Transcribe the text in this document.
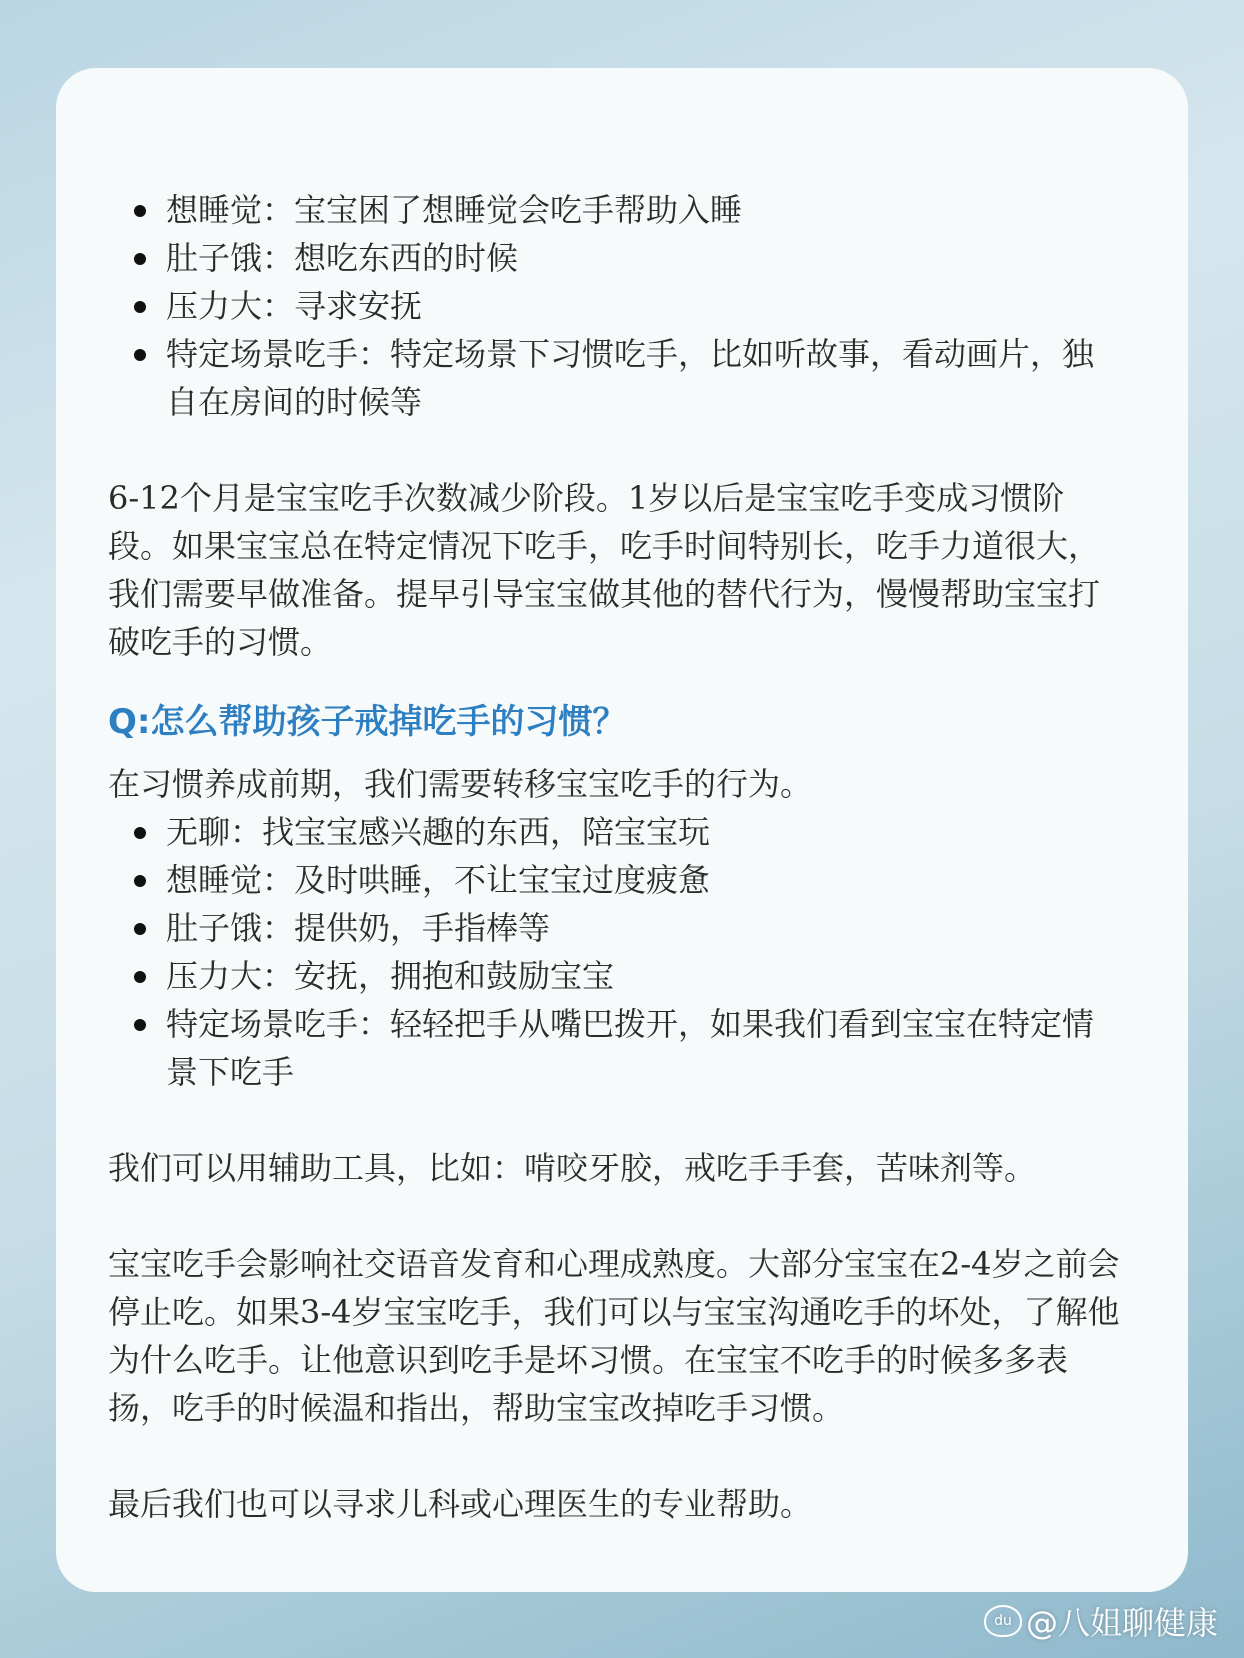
想睡觉：宝宝困了想睡觉会吃手帮助入睡
肚子饿：想吃东西的时候
压力大：寻求安抚
特定场景吃手：特定场景下习惯吃手，比如听故事，看动画片，独自在房间的时候等

6-12个月是宝宝吃手次数减少阶段。1岁以后是宝宝吃手变成习惯阶段。如果宝宝总在特定情况下吃手，吃手时间特别长，吃手力道很大，我们需要早做准备。提早引导宝宝做其他的替代行为，慢慢帮助宝宝打破吃手的习惯。

Q:怎么帮助孩子戒掉吃手的习惯？

在习惯养成前期，我们需要转移宝宝吃手的行为。

无聊：找宝宝感兴趣的东西，陪宝宝玩
想睡觉：及时哄睡，不让宝宝过度疲惫
肚子饿：提供奶，手指棒等
压力大：安抚，拥抱和鼓励宝宝
特定场景吃手：轻轻把手从嘴巴拨开，如果我们看到宝宝在特定情景下吃手

我们可以用辅助工具，比如：啃咬牙胶，戒吃手手套，苦味剂等。

宝宝吃手会影响社交语音发育和心理成熟度。大部分宝宝在2-4岁之前会停止吃。如果3-4岁宝宝吃手，我们可以与宝宝沟通吃手的坏处，了解他为什么吃手。让他意识到吃手是坏习惯。在宝宝不吃手的时候多多表扬，吃手的时候温和指出，帮助宝宝改掉吃手习惯。

最后我们也可以寻求儿科或心理医生的专业帮助。

du @八姐聊健康
